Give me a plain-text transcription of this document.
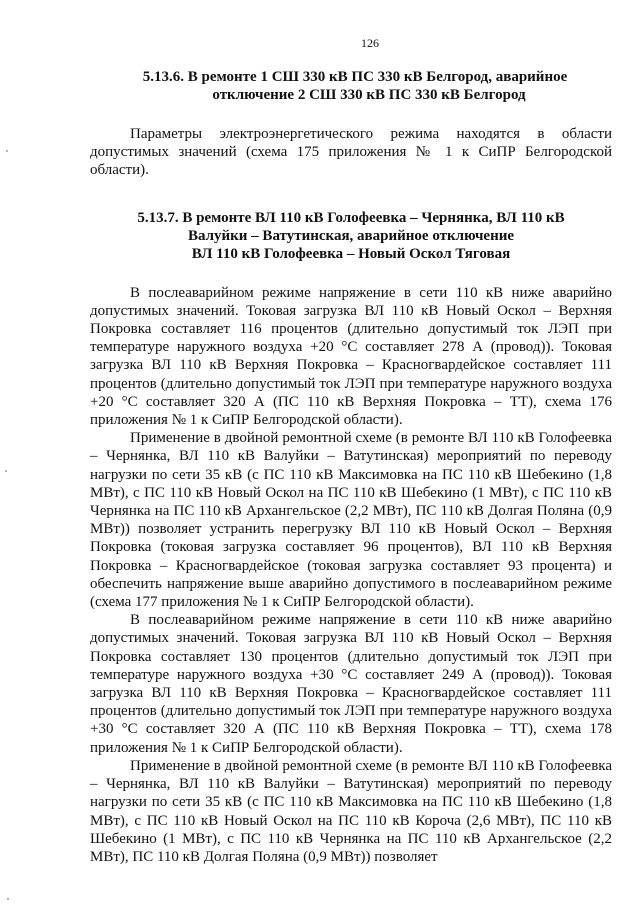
126
5.13.6. В ремонте 1 СШ 330 кВ ПС 330 кВ Белгород, аварийное
отключение 2 СШ 330 кВ ПС 330 кВ Белгород

Параметры электроэнергетического режима находятся в области допустимых значений (схема 175 приложения № 1 к СиПР Белгородской области).

5.13.7. В ремонте ВЛ 110 кВ Голофеевка – Чернянка, ВЛ 110 кВ
Валуйки – Ватутинская, аварийное отключение
ВЛ 110 кВ Голофеевка – Новый Оскол Тяговая

В послеаварийном режиме напряжение в сети 110 кВ ниже аварийно допустимых значений. Токовая загрузка ВЛ 110 кВ Новый Оскол – Верхняя Покровка составляет 116 процентов (длительно допустимый ток ЛЭП при температуре наружного воздуха +20 °С составляет 278 А (провод)). Токовая загрузка ВЛ 110 кВ Верхняя Покровка – Красногвардейское составляет 111 процентов (длительно допустимый ток ЛЭП при температуре наружного воздуха +20 °С составляет 320 А (ПС 110 кВ Верхняя Покровка – ТТ), схема 176 приложения № 1 к СиПР Белгородской области).

Применение в двойной ремонтной схеме (в ремонте ВЛ 110 кВ Голофеевка – Чернянка, ВЛ 110 кВ Валуйки – Ватутинская) мероприятий по переводу нагрузки по сети 35 кВ (с ПС 110 кВ Максимовка на ПС 110 кВ Шебекино (1,8 МВт), с ПС 110 кВ Новый Оскол на ПС 110 кВ Шебекино (1 МВт), с ПС 110 кВ Чернянка на ПС 110 кВ Архангельское (2,2 МВт), ПС 110 кВ Долгая Поляна (0,9 МВт)) позволяет устранить перегрузку ВЛ 110 кВ Новый Оскол – Верхняя Покровка (токовая загрузка составляет 96 процентов), ВЛ 110 кВ Верхняя Покровка – Красногвардейское (токовая загрузка составляет 93 процента) и обеспечить напряжение выше аварийно допустимого в послеаварийном режиме (схема 177 приложения № 1 к СиПР Белгородской области).

В послеаварийном режиме напряжение в сети 110 кВ ниже аварийно допустимых значений. Токовая загрузка ВЛ 110 кВ Новый Оскол – Верхняя Покровка составляет 130 процентов (длительно допустимый ток ЛЭП при температуре наружного воздуха +30 °С составляет 249 А (провод)). Токовая загрузка ВЛ 110 кВ Верхняя Покровка – Красногвардейское составляет 111 процентов (длительно допустимый ток ЛЭП при температуре наружного воздуха +30 °С составляет 320 А (ПС 110 кВ Верхняя Покровка – ТТ), схема 178 приложения № 1 к СиПР Белгородской области).

Применение в двойной ремонтной схеме (в ремонте ВЛ 110 кВ Голофеевка – Чернянка, ВЛ 110 кВ Валуйки – Ватутинская) мероприятий по переводу нагрузки по сети 35 кВ (с ПС 110 кВ Максимовка на ПС 110 кВ Шебекино (1,8 МВт), с ПС 110 кВ Новый Оскол на ПС 110 кВ Короча (2,6 МВт), ПС 110 кВ Шебекино (1 МВт), с ПС 110 кВ Чернянка на ПС 110 кВ Архангельское (2,2 МВт), ПС 110 кВ Долгая Поляна (0,9 МВт)) позволяет
